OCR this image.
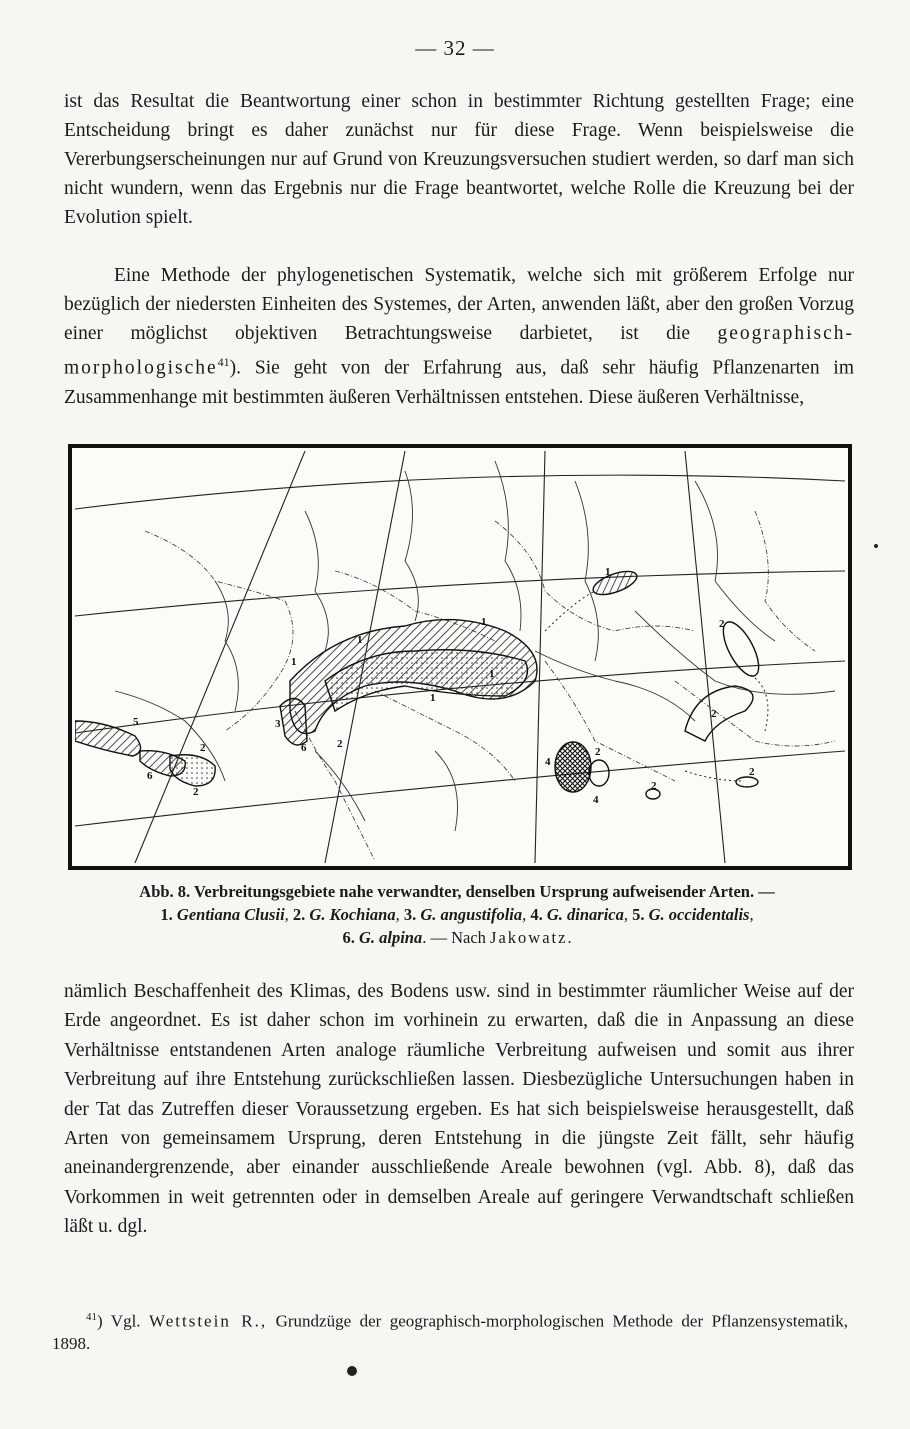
— 32 —

ist das Resultat die Beantwortung einer schon in bestimmter Richtung gestellten Frage; eine Entscheidung bringt es daher zunächst nur für diese Frage. Wenn beispielsweise die Vererbungserscheinungen nur auf Grund von Kreuzungsversuchen studiert werden, so darf man sich nicht wundern, wenn das Ergebnis nur die Frage beantwortet, welche Rolle die Kreuzung bei der Evolution spielt.

Eine Methode der phylogenetischen Systematik, welche sich mit größerem Erfolge nur bezüglich der niedersten Einheiten des Systemes, der Arten, anwenden läßt, aber den großen Vorzug einer möglichst objektiven Betrachtungsweise darbietet, ist die geographisch-morphologische$^{41}$). Sie geht von der Erfahrung aus, daß sehr häufig Pflanzenarten im Zusammenhange mit bestimmten äußeren Verhältnissen entstehen. Diese äußeren Verhältnisse,

1
1
1
1
1
1
2
2
2
2
2
2
2
2
3
4
4
5
6
6
Abb. 8. Verbreitungsgebiete nahe verwandter, denselben Ursprung aufweisender Arten. —
1. Gentiana Clusii, 2. G. Kochiana, 3. G. angustifolia, 4. G. dinarica, 5. G. occidentalis,
6. G. alpina. — Nach Jakowatz.

nämlich Beschaffenheit des Klimas, des Bodens usw. sind in bestimmter räumlicher Weise auf der Erde angeordnet. Es ist daher schon im vorhinein zu erwarten, daß die in Anpassung an diese Verhältnisse entstandenen Arten analoge räumliche Verbreitung aufweisen und somit aus ihrer Verbreitung auf ihre Entstehung zurückschließen lassen. Diesbezügliche Untersuchungen haben in der Tat das Zutreffen dieser Voraussetzung ergeben. Es hat sich beispielsweise herausgestellt, daß Arten von gemeinsamem Ursprung, deren Entstehung in die jüngste Zeit fällt, sehr häufig aneinandergrenzende, aber einander ausschließende Areale bewohnen (vgl. Abb. 8), daß das Vorkommen in weit getrennten oder in demselben Areale auf geringere Verwandtschaft schließen läßt u. dgl.

$^{41}$) Vgl. Wettstein R., Grundzüge der geographisch-morphologischen Methode der Pflanzensystematik, 1898.
